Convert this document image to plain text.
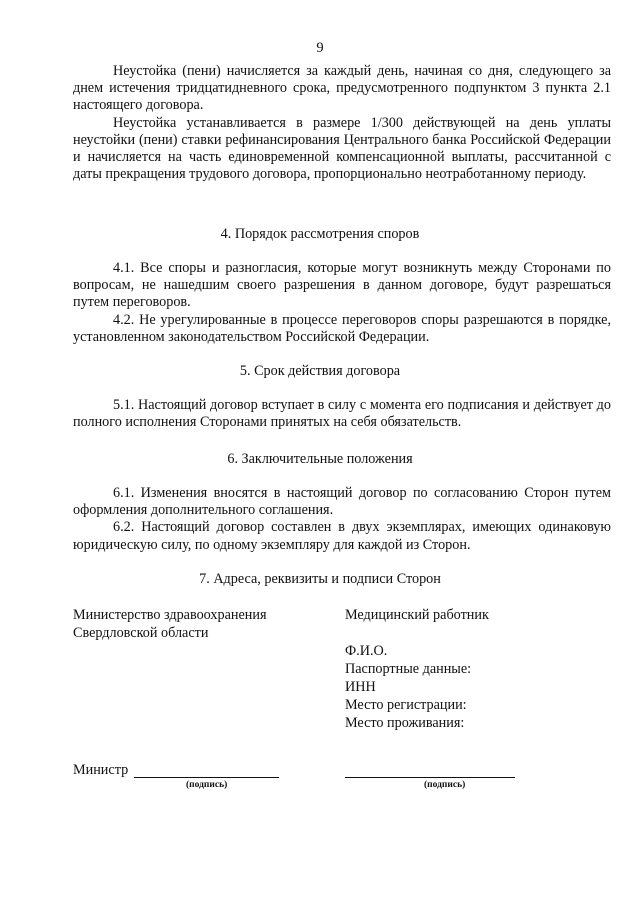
9

Неустойка (пени) начисляется за каждый день, начиная со дня, следующего за днем истечения тридцатидневного срока, предусмотренного подпунктом 3 пункта 2.1 настоящего договора.

Неустойка устанавливается в размере 1/300 действующей на день уплаты неустойки (пени) ставки рефинансирования Центрального банка Российской Федерации и начисляется на часть единовременной компенсационной выплаты, рассчитанной с даты прекращения трудового договора, пропорционально неотработанному периоду.

4. Порядок рассмотрения споров

4.1. Все споры и разногласия, которые могут возникнуть между Сторонами по вопросам, не нашедшим своего разрешения в данном договоре, будут разрешаться путем переговоров.

4.2. Не урегулированные в процессе переговоров споры разрешаются в порядке, установленном законодательством Российской Федерации.

5. Срок действия договора

5.1. Настоящий договор вступает в силу с момента его подписания и действует до полного исполнения Сторонами принятых на себя обязательств.

6. Заключительные положения

6.1. Изменения вносятся в настоящий договор по согласованию Сторон путем оформления дополнительного соглашения.

6.2. Настоящий договор составлен в двух экземплярах, имеющих одинаковую юридическую силу, по одному экземпляру для каждой из Сторон.

7. Адреса, реквизиты и подписи Сторон
Министерство здравоохранения
Свердловской области
Медицинский работник
Ф.И.О.
Паспортные данные:
ИНН
Место регистрации:
Место проживания:
Министр
(подпись)	(подпись)
